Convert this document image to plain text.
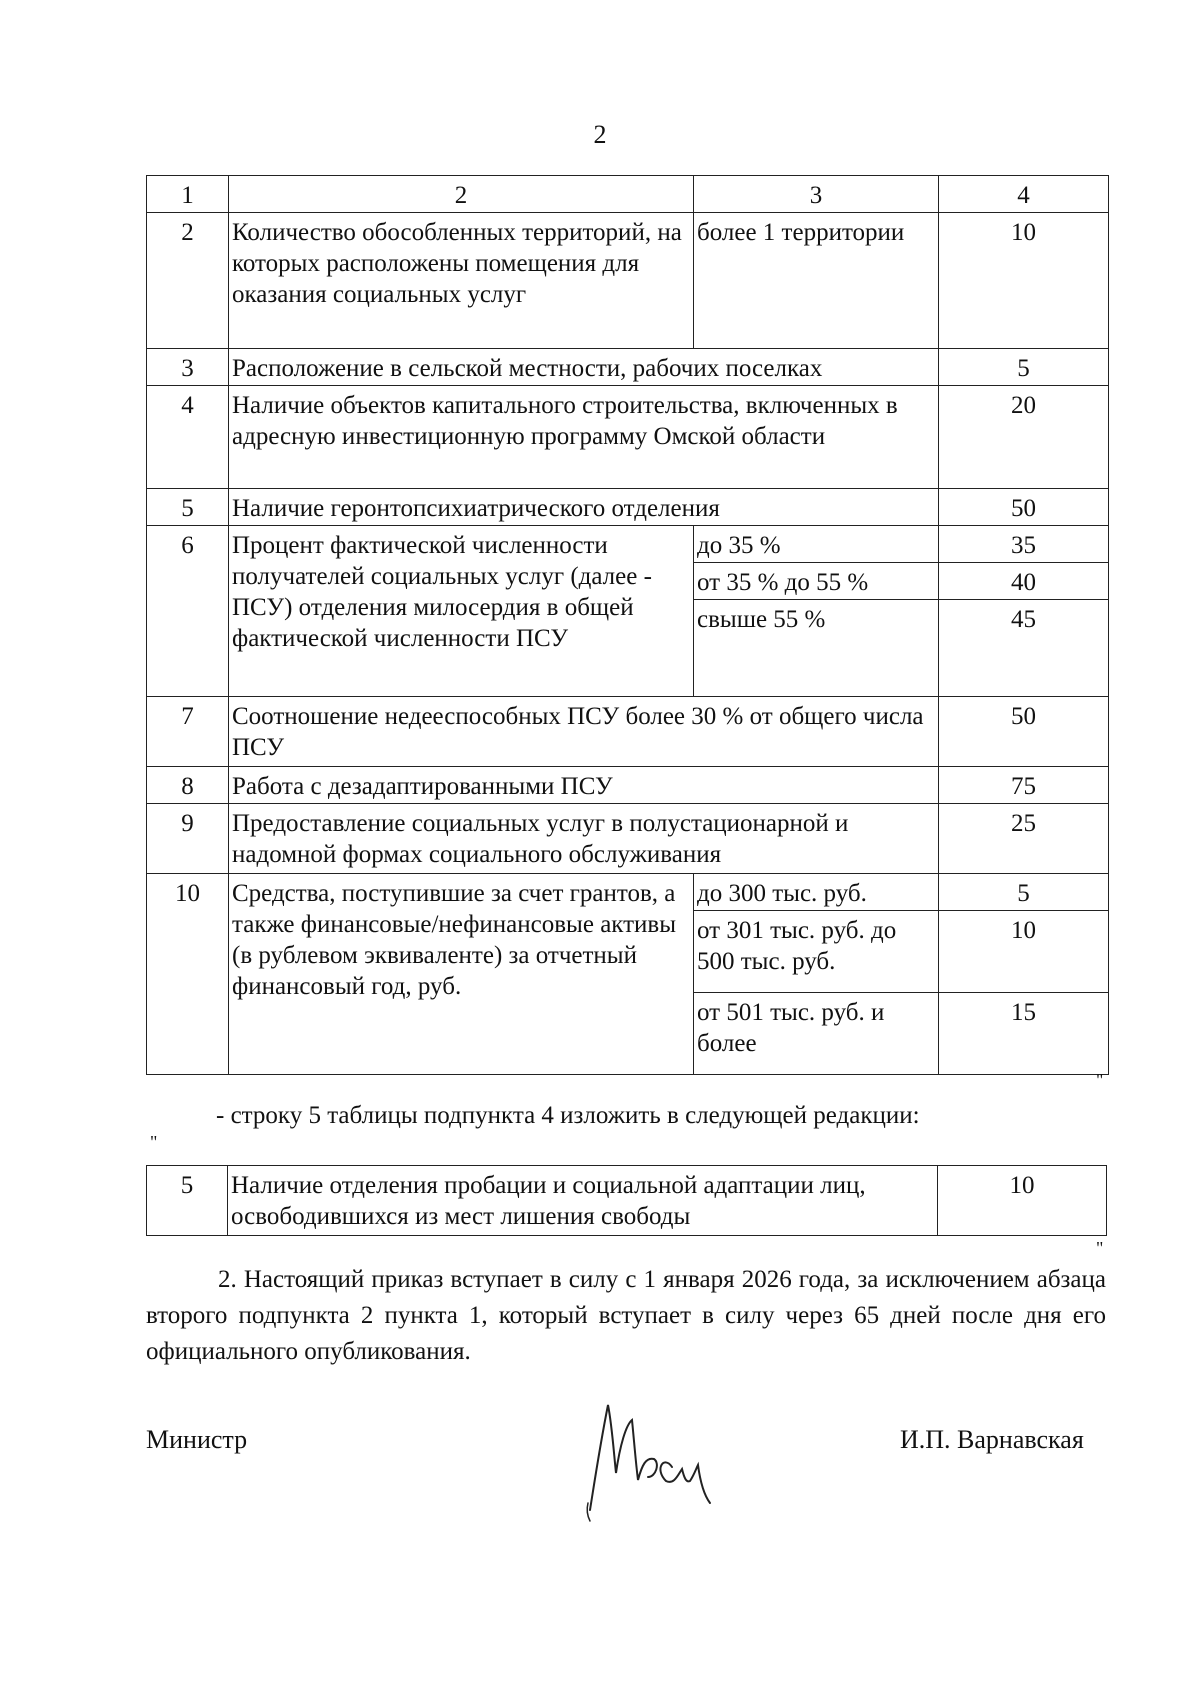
2
1	2	3	4
2	Количество обособленных территорий, на которых расположены помещения для оказания социальных услуг	более 1 территории	10
3	Расположение в сельской местности, рабочих поселках		5
4	Наличие объектов капитального строительства, включенных в адресную инвестиционную программу Омской области		20
5	Наличие геронтопсихиатрического отделения		50
6	Процент фактической численности получателей социальных услуг (далее - ПСУ) отделения милосердия в общей фактической численности ПСУ	до 35 %	35
		от 35 % до 55 %	40
		свыше 55 %	45
7	Соотношение недееспособных ПСУ более 30 % от общего числа ПСУ		50
8	Работа с дезадаптированными ПСУ		75
9	Предоставление социальных услуг в полустационарной и надомной формах социального обслуживания		25
10	Средства, поступившие за счет грантов, а также финансовые/нефинансовые активы (в рублевом эквиваленте) за отчетный финансовый год, руб.	до 300 тыс. руб.	5
		от 301 тыс. руб. до 500 тыс. руб.	10
		от 501 тыс. руб. и более	15
"
- строку 5 таблицы подпункта 4 изложить в следующей редакции:
"
5	Наличие отделения пробации и социальной адаптации лиц, освободившихся из мест лишения свободы	10
"
2. Настоящий приказ вступает в силу с 1 января 2026 года, за исключением абзаца второго подпункта 2 пункта 1, который вступает в силу через 65 дней после дня его официального опубликования.
Министр	И.П. Варнавская
